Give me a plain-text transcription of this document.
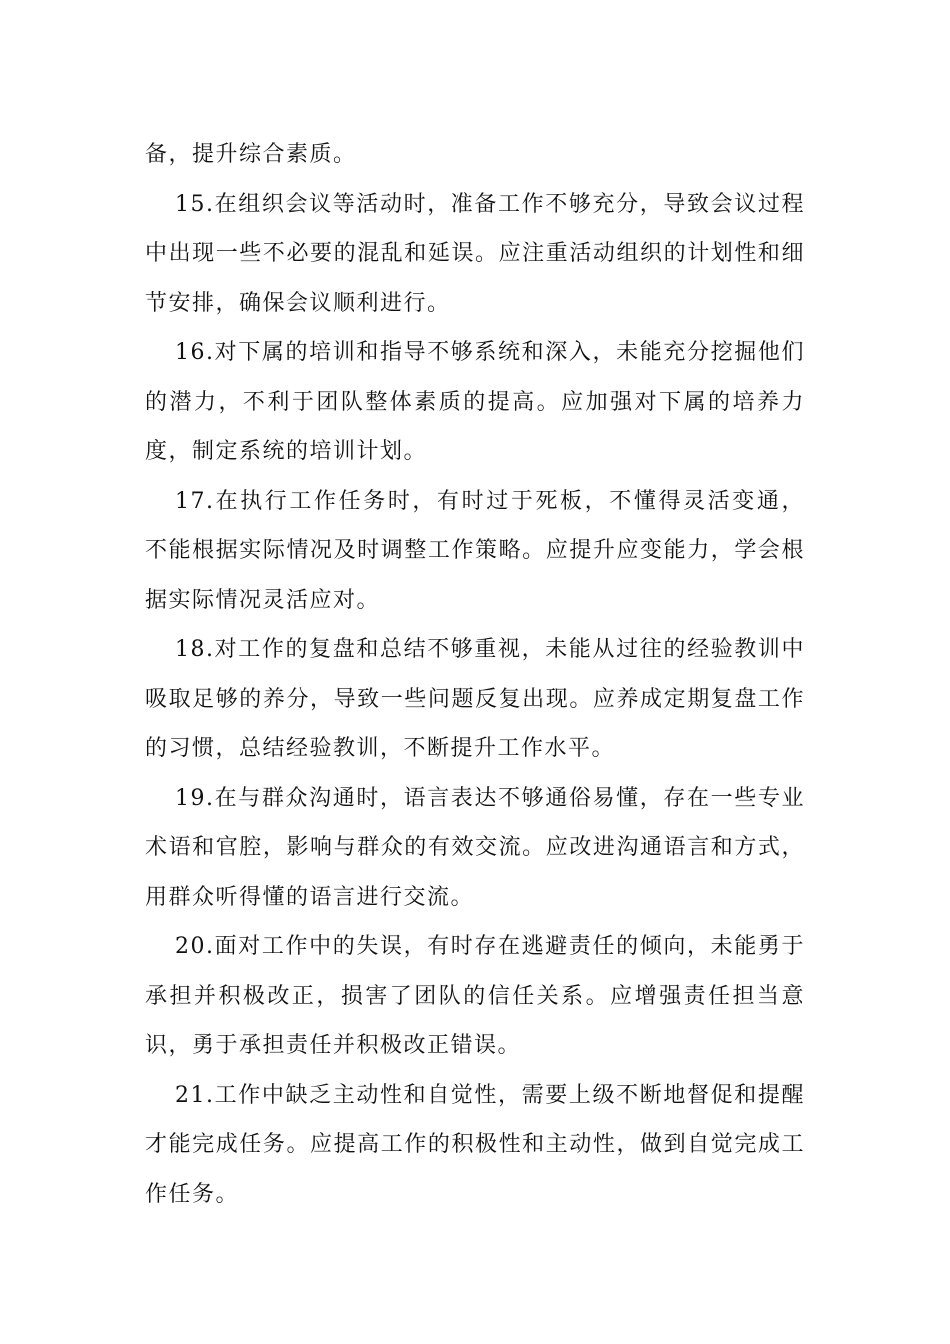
备，提升综合素质。

15.在组织会议等活动时，准备工作不够充分，导致会议过程中出现一些不必要的混乱和延误。应注重活动组织的计划性和细节安排，确保会议顺利进行。

16.对下属的培训和指导不够系统和深入，未能充分挖掘他们的潜力，不利于团队整体素质的提高。应加强对下属的培养力度，制定系统的培训计划。

17.在执行工作任务时，有时过于死板，不懂得灵活变通， 不能根据实际情况及时调整工作策略。应提升应变能力，学会根据实际情况灵活应对。

18.对工作的复盘和总结不够重视，未能从过往的经验教训中吸取足够的养分，导致一些问题反复出现。应养成定期复盘工作的习惯，总结经验教训，不断提升工作水平。

19.在与群众沟通时，语言表达不够通俗易懂，存在一些专业术语和官腔，影响与群众的有效交流。应改进沟通语言和方式， 用群众听得懂的语言进行交流。

20.面对工作中的失误，有时存在逃避责任的倾向，未能勇于承担并积极改正，损害了团队的信任关系。应增强责任担当意识，勇于承担责任并积极改正错误。

21.工作中缺乏主动性和自觉性，需要上级不断地督促和提醒才能完成任务。应提高工作的积极性和主动性，做到自觉完成工作任务。
